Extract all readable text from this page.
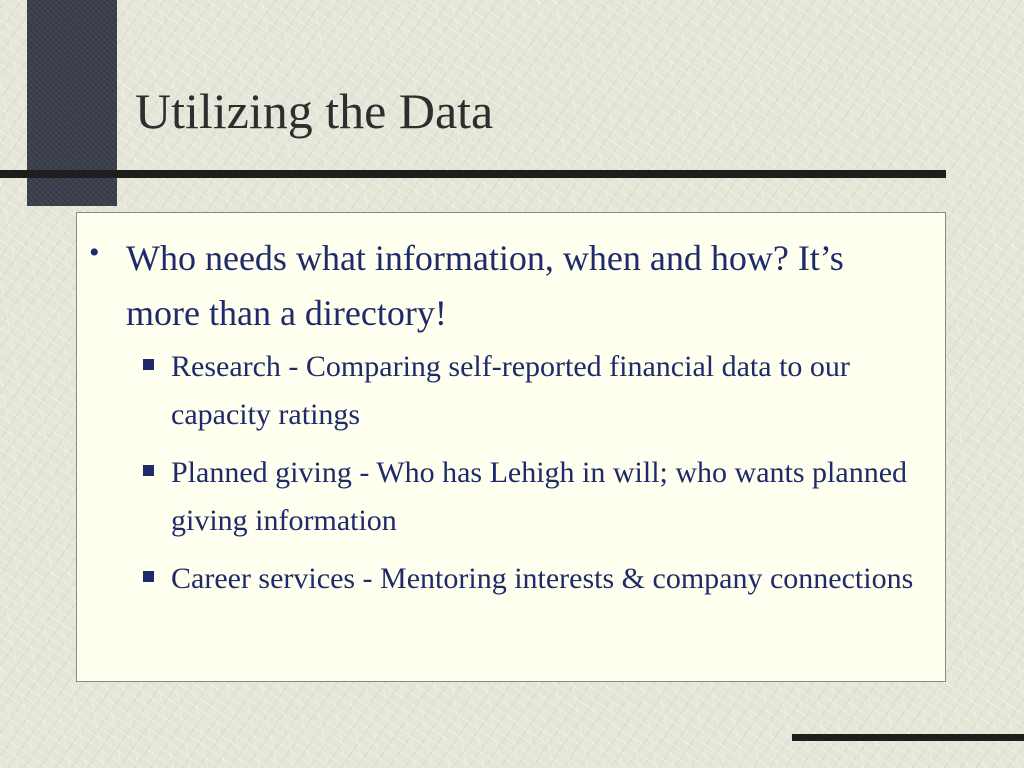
Utilizing the Data
• Who needs what information, when and how? It’s more than a directory!
Research - Comparing self-reported financial data to our capacity ratings
Planned giving - Who has Lehigh in will; who wants planned giving information
Career services - Mentoring interests & company connections
